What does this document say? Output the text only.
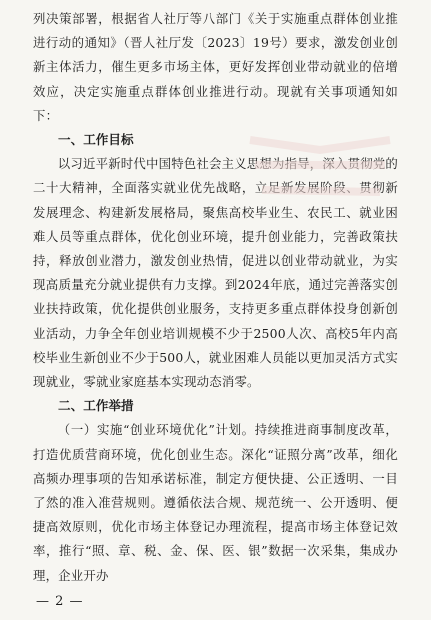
列决策部署，根据省人社厅等八部门《关于实施重点群体创业推进行动的通知》（晋人社厅发〔2023〕19号）要求，激发创业创新主体活力，催生更多市场主体，更好发挥创业带动就业的倍增效应，决定实施重点群体创业推进行动。现就有关事项通知如下：

一、工作目标

以习近平新时代中国特色社会主义思想为指导，深入贯彻党的二十大精神，全面落实就业优先战略，立足新发展阶段、贯彻新发展理念、构建新发展格局，聚焦高校毕业生、农民工、就业困难人员等重点群体，优化创业环境，提升创业能力，完善政策扶持，释放创业潜力，激发创业热情，促进以创业带动就业，为实现高质量充分就业提供有力支撑。到2024年底，通过完善落实创业扶持政策，优化提供创业服务，支持更多重点群体投身创新创业活动，力争全年创业培训规模不少于2500人次、高校5年内高校毕业生新创业不少于500人，就业困难人员能以更加灵活方式实现就业，零就业家庭基本实现动态消零。

二、工作举措

（一）实施“创业环境优化”计划。持续推进商事制度改革，打造优质营商环境，优化创业生态。深化“证照分离”改革，细化高频办理事项的告知承诺标准，制定方便快捷、公正透明、一目了然的准入准营规则。遵循依法合规、规范统一、公开透明、便捷高效原则，优化市场主体登记办理流程，提高市场主体登记效率，推行“照、章、税、金、保、医、银”数据一次采集，集成办理，企业开办

— 2 —
